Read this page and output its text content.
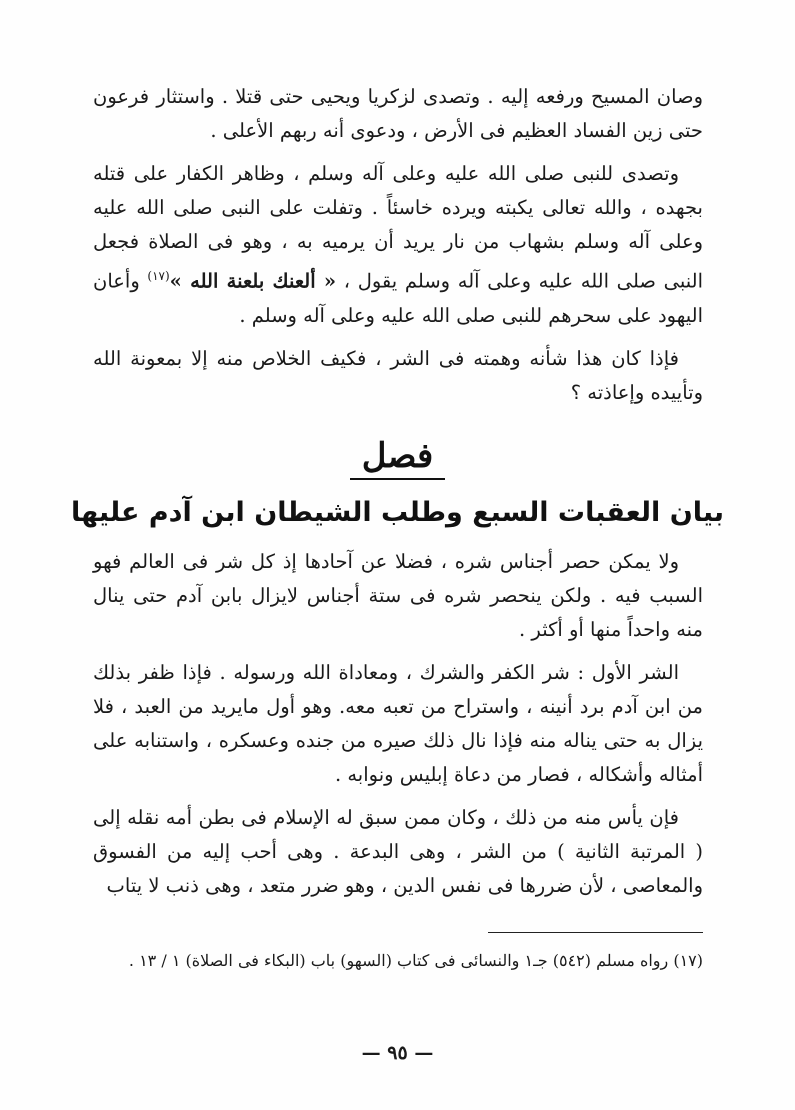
وصان المسيح ورفعه إليه . وتصدى لزكريا ويحيى حتى قتلا . واستثار فرعون حتى زين الفساد العظيم فى الأرض ، ودعوى أنه ربهم الأعلى .

وتصدى للنبى صلى الله عليه وعلى آله وسلم ، وظاهر الكفار على قتله بجهده ، والله تعالى يكبته ويرده خاسئاً . وتفلت على النبى صلى الله عليه وعلى آله وسلم بشهاب من نار يريد أن يرميه به ، وهو فى الصلاة فجعل النبى صلى الله عليه وعلى آله وسلم يقول ، « ألعنك بلعنة الله »$^{(١٧)}$ وأعان اليهود على سحرهم للنبى صلى الله عليه وعلى آله وسلم .

فإذا كان هذا شأنه وهمته فى الشر ، فكيف الخلاص منه إلا بمعونة الله وتأييده وإعاذته ؟

فصل
بيان العقبات السبع وطلب الشيطان ابن آدم عليها

ولا يمكن حصر أجناس شره ، فضلا عن آحادها إذ كل شر فى العالم فهو السبب فيه . ولكن ينحصر شره فى ستة أجناس لايزال بابن آدم حتى ينال منه واحداً منها أو أكثر .

الشر الأول : شر الكفر والشرك ، ومعاداة الله ورسوله . فإذا ظفر بذلك من ابن آدم برد أنينه ، واستراح من تعبه معه. وهو أول مايريد من العبد ، فلا يزال به حتى يناله منه فإذا نال ذلك صيره من جنده وعسكره ، واستنابه على أمثاله وأشكاله ، فصار من دعاة إبليس ونوابه .

فإن يأس منه من ذلك ، وكان ممن سبق له الإسلام فى بطن أمه نقله إلى ( المرتبة الثانية ) من الشر ، وهى البدعة . وهى أحب إليه من الفسوق والمعاصى ، لأن ضررها فى نفس الدين ، وهو ضرر متعد ، وهى ذنب لا يتاب

(١٧) رواه مسلم (٥٤٢) جـ١ والنسائى فى كتاب (السهو) باب (البكاء فى الصلاة) ١ / ١٣ .
— ٩٥ —
